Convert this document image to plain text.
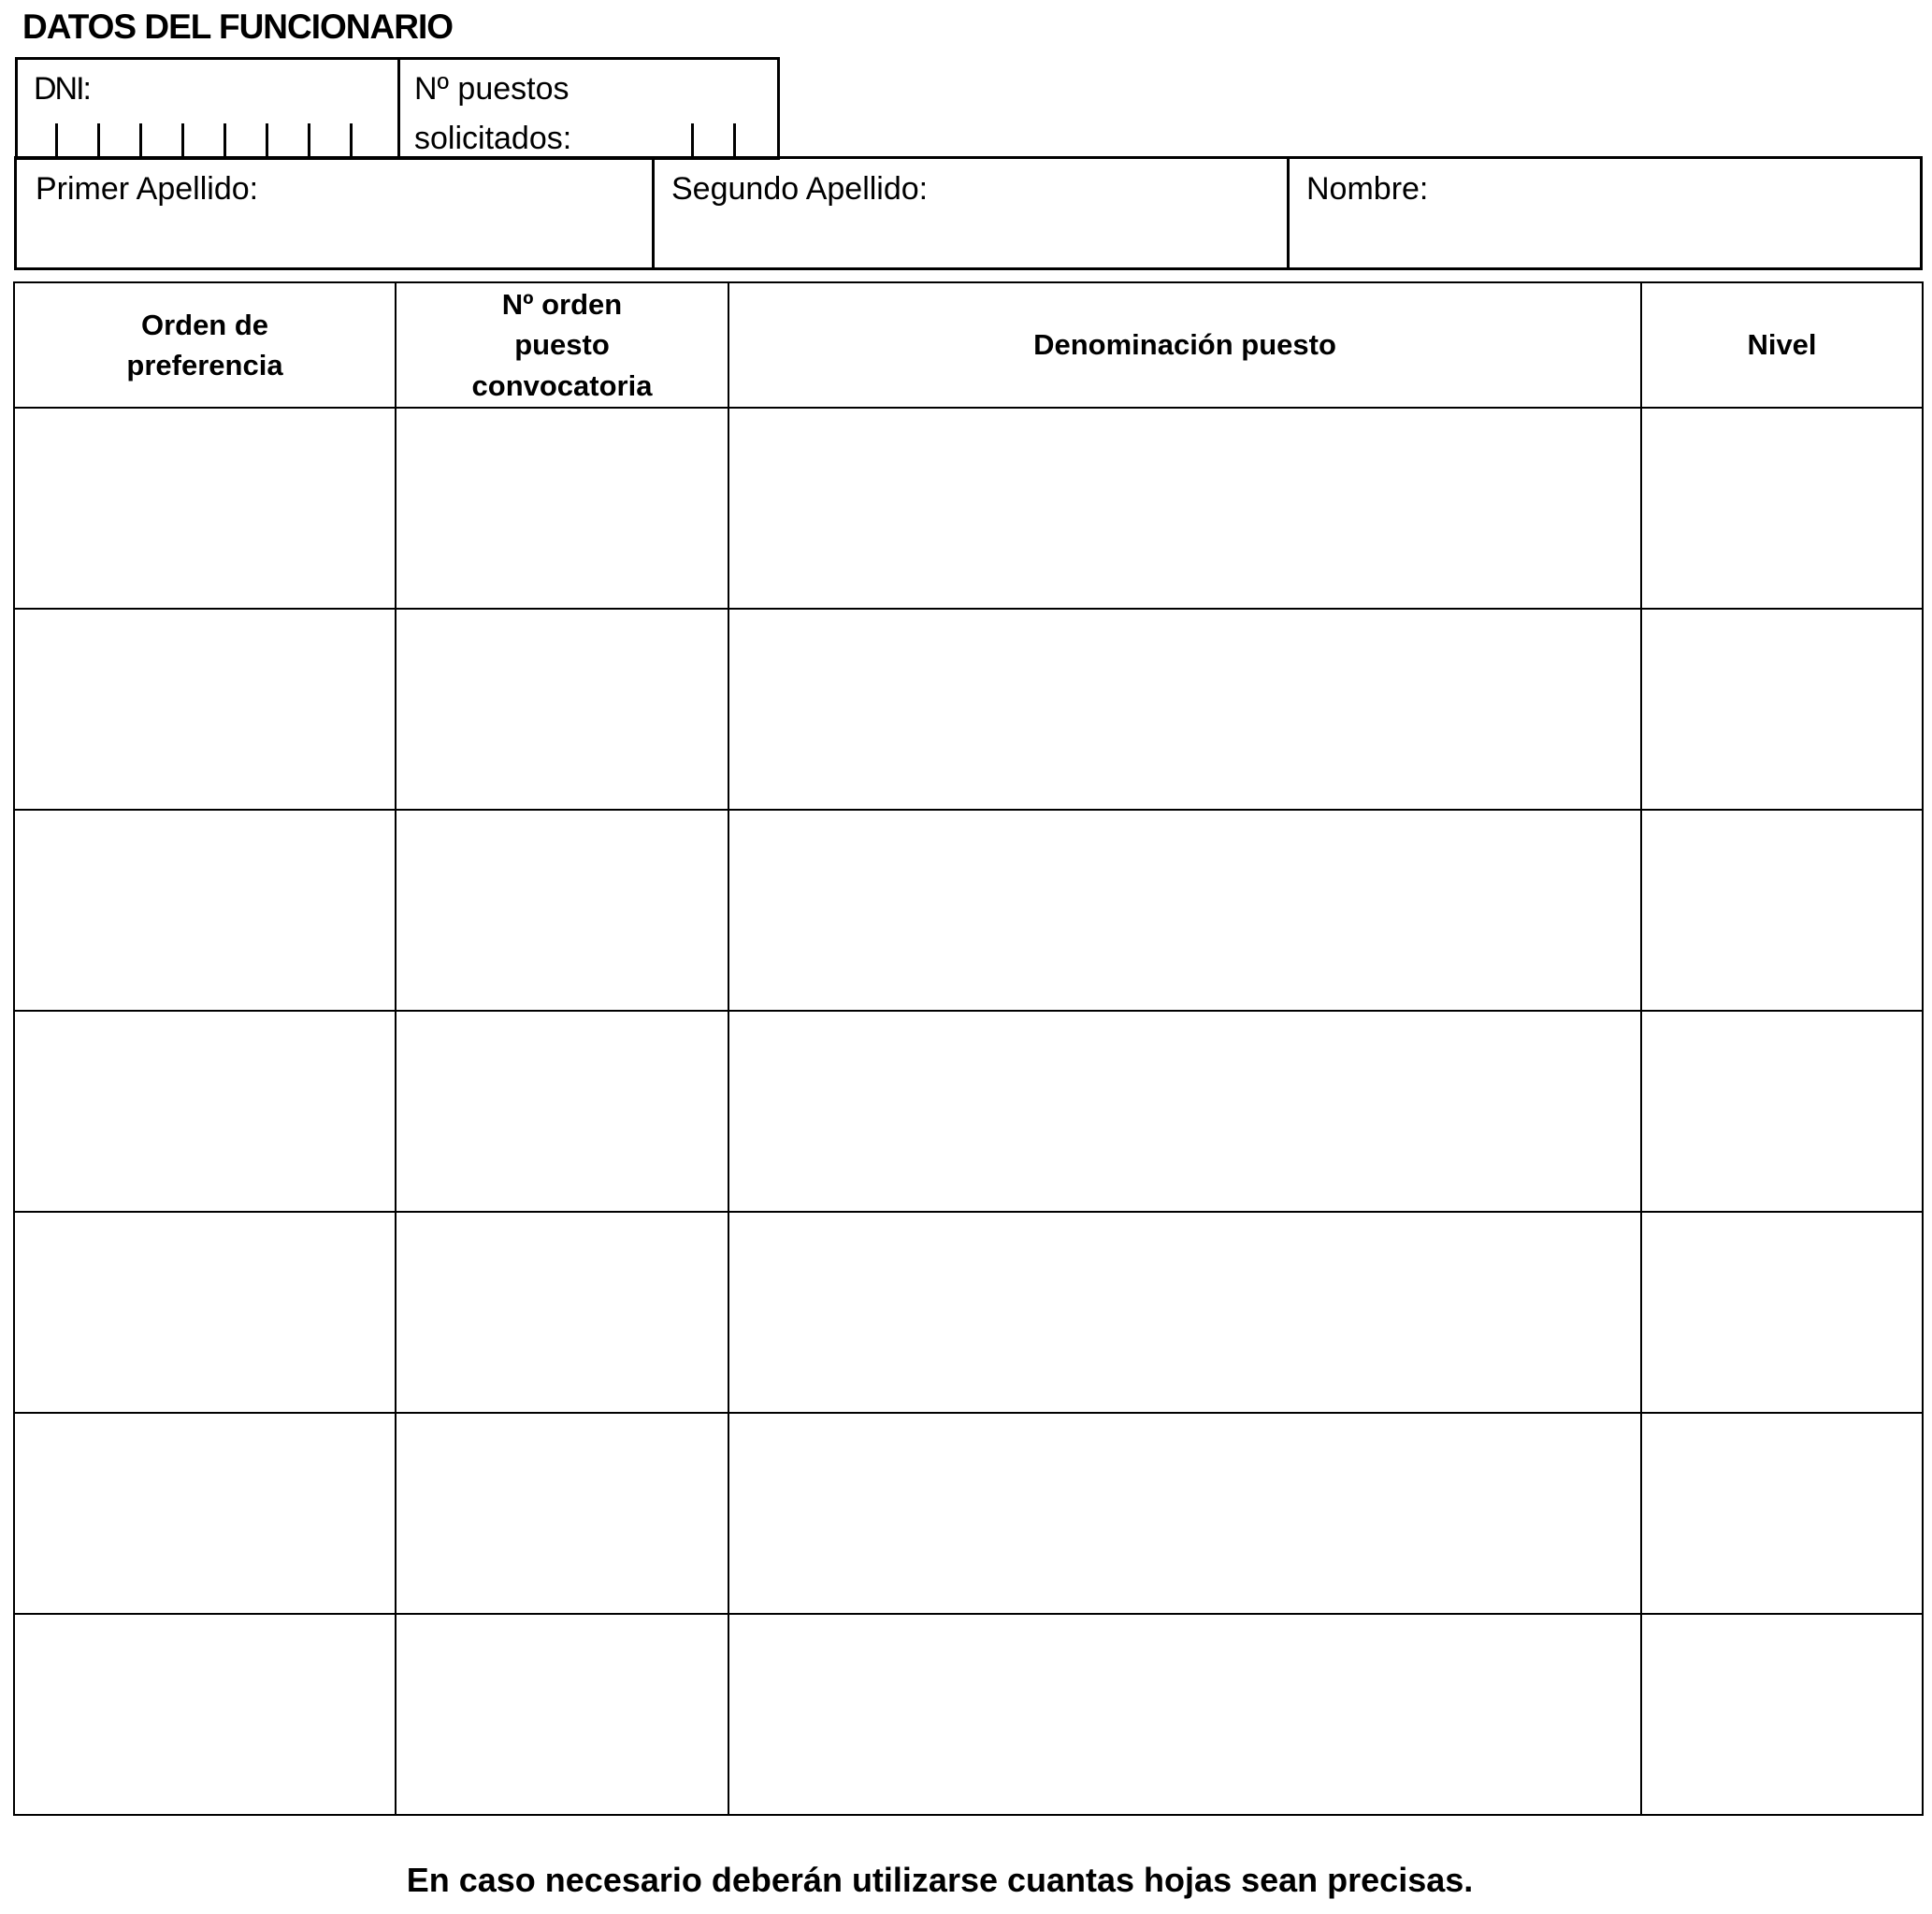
DATOS DEL FUNCIONARIO
DNI:	Nº puestos
solicitados:
Primer Apellido:	Segundo Apellido:	Nombre:
Orden de preferencia	Nº orden puesto convocatoria	Denominación puesto	Nivel

En caso necesario deberán utilizarse cuantas hojas sean precisas.
